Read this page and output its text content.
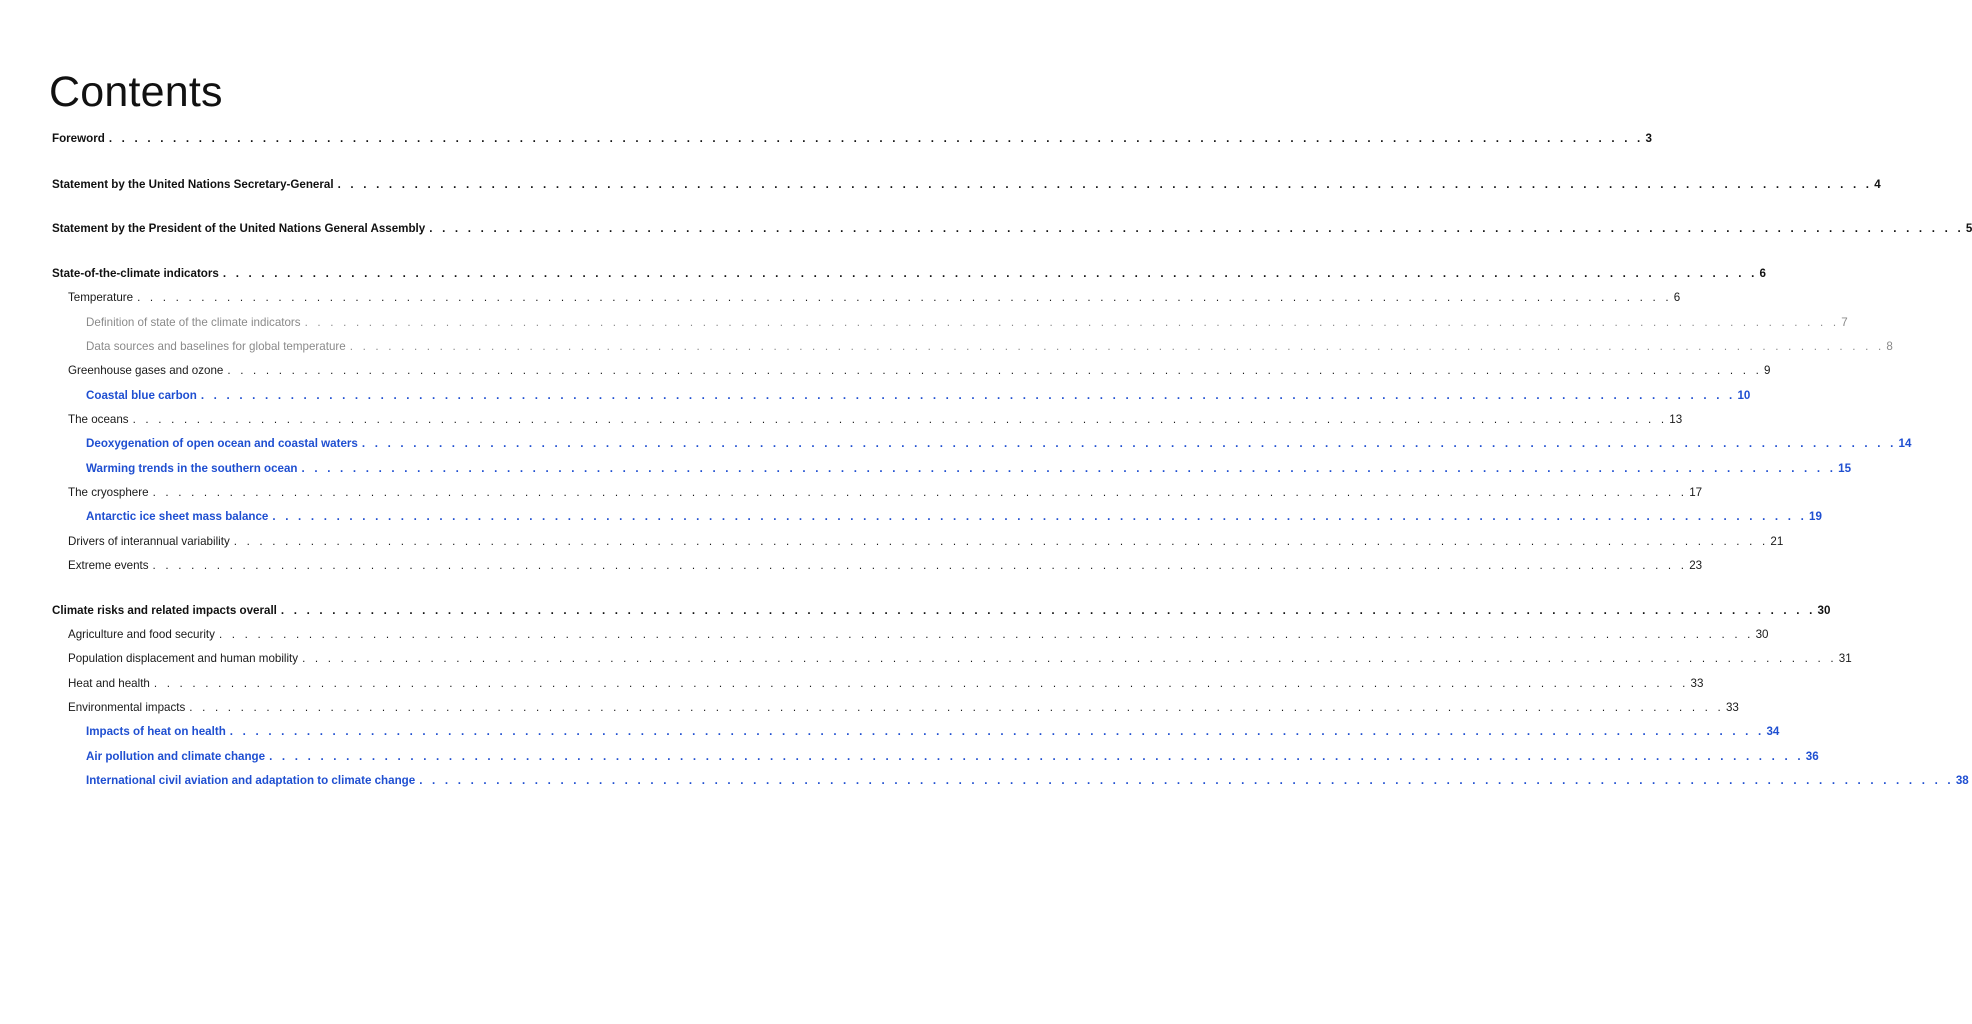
Contents
Foreword . . . . . . . . . . . . . . . . . . . . . . . . . . . . . . . . . . . . . . . . . . . . . . . . . . . . . . . . . . . . . . . . . . . . . . . . . . . . . . . . . . . . . . . . . . . . . . . . . . . . . . . . . . . . . . . . . . . . . . . . 3
Statement by the United Nations Secretary-General . . . . . . . . . . . . . . . . . . . . . . . . . . . . . . . . . . . . . . . . . . . . . . . . . . . . . . . . . . . . . . . . . . . . . . . . . . . . . . . . . . . . . . . . . . . . . . . . . . . . . . . . . . . . . . . . . . . . . . . . 4
Statement by the President of the United Nations General Assembly . . . . . . . . . . . . . . . . . . . . . . . . . . . . . . . . . . . . . . . . . . . . . . . . . . . . . . . . . . . . . . . . . . . . . . . . . . . . . . . . . . . . . . . . . . . . . . . . . . . . . . . . . . . . . . . . . . . . . . . . 5
State-of-the-climate indicators . . . . . . . . . . . . . . . . . . . . . . . . . . . . . . . . . . . . . . . . . . . . . . . . . . . . . . . . . . . . . . . . . . . . . . . . . . . . . . . . . . . . . . . . . . . . . . . . . . . . . . . . . . . . . . . . . . . . . . . . 6
Temperature . . . . . . . . . . . . . . . . . . . . . . . . . . . . . . . . . . . . . . . . . . . . . . . . . . . . . . . . . . . . . . . . . . . . . . . . . . . . . . . . . . . . . . . . . . . . . . . . . . . . . . . . . . . . . . . . . . . . . . . . 6
Definition of state of the climate indicators . . . . . . . . . . . . . . . . . . . . . . . . . . . . . . . . . . . . . . . . . . . . . . . . . . . . . . . . . . . . . . . . . . . . . . . . . . . . . . . . . . . . . . . . . . . . . . . . . . . . . . . . . . . . . . . . . . . . . . . . 7
Data sources and baselines for global temperature . . . . . . . . . . . . . . . . . . . . . . . . . . . . . . . . . . . . . . . . . . . . . . . . . . . . . . . . . . . . . . . . . . . . . . . . . . . . . . . . . . . . . . . . . . . . . . . . . . . . . . . . . . . . . . . . . . . . . . . . 8
Greenhouse gases and ozone . . . . . . . . . . . . . . . . . . . . . . . . . . . . . . . . . . . . . . . . . . . . . . . . . . . . . . . . . . . . . . . . . . . . . . . . . . . . . . . . . . . . . . . . . . . . . . . . . . . . . . . . . . . . . . . . . . . . . . . . 9
Coastal blue carbon . . . . . . . . . . . . . . . . . . . . . . . . . . . . . . . . . . . . . . . . . . . . . . . . . . . . . . . . . . . . . . . . . . . . . . . . . . . . . . . . . . . . . . . . . . . . . . . . . . . . . . . . . . . . . . . . . . . . . . . . 10
The oceans . . . . . . . . . . . . . . . . . . . . . . . . . . . . . . . . . . . . . . . . . . . . . . . . . . . . . . . . . . . . . . . . . . . . . . . . . . . . . . . . . . . . . . . . . . . . . . . . . . . . . . . . . . . . . . . . . . . . . . . . 13
Deoxygenation of open ocean and coastal waters . . . . . . . . . . . . . . . . . . . . . . . . . . . . . . . . . . . . . . . . . . . . . . . . . . . . . . . . . . . . . . . . . . . . . . . . . . . . . . . . . . . . . . . . . . . . . . . . . . . . . . . . . . . . . . . . . . . . . . . . 14
Warming trends in the southern ocean . . . . . . . . . . . . . . . . . . . . . . . . . . . . . . . . . . . . . . . . . . . . . . . . . . . . . . . . . . . . . . . . . . . . . . . . . . . . . . . . . . . . . . . . . . . . . . . . . . . . . . . . . . . . . . . . . . . . . . . . 15
The cryosphere . . . . . . . . . . . . . . . . . . . . . . . . . . . . . . . . . . . . . . . . . . . . . . . . . . . . . . . . . . . . . . . . . . . . . . . . . . . . . . . . . . . . . . . . . . . . . . . . . . . . . . . . . . . . . . . . . . . . . . . . 17
Antarctic ice sheet mass balance . . . . . . . . . . . . . . . . . . . . . . . . . . . . . . . . . . . . . . . . . . . . . . . . . . . . . . . . . . . . . . . . . . . . . . . . . . . . . . . . . . . . . . . . . . . . . . . . . . . . . . . . . . . . . . . . . . . . . . . . 19
Drivers of interannual variability . . . . . . . . . . . . . . . . . . . . . . . . . . . . . . . . . . . . . . . . . . . . . . . . . . . . . . . . . . . . . . . . . . . . . . . . . . . . . . . . . . . . . . . . . . . . . . . . . . . . . . . . . . . . . . . . . . . . . . . . 21
Extreme events . . . . . . . . . . . . . . . . . . . . . . . . . . . . . . . . . . . . . . . . . . . . . . . . . . . . . . . . . . . . . . . . . . . . . . . . . . . . . . . . . . . . . . . . . . . . . . . . . . . . . . . . . . . . . . . . . . . . . . . . 23
Climate risks and related impacts overall . . . . . . . . . . . . . . . . . . . . . . . . . . . . . . . . . . . . . . . . . . . . . . . . . . . . . . . . . . . . . . . . . . . . . . . . . . . . . . . . . . . . . . . . . . . . . . . . . . . . . . . . . . . . . . . . . . . . . . . . 30
Agriculture and food security . . . . . . . . . . . . . . . . . . . . . . . . . . . . . . . . . . . . . . . . . . . . . . . . . . . . . . . . . . . . . . . . . . . . . . . . . . . . . . . . . . . . . . . . . . . . . . . . . . . . . . . . . . . . . . . . . . . . . . . . 30
Population displacement and human mobility . . . . . . . . . . . . . . . . . . . . . . . . . . . . . . . . . . . . . . . . . . . . . . . . . . . . . . . . . . . . . . . . . . . . . . . . . . . . . . . . . . . . . . . . . . . . . . . . . . . . . . . . . . . . . . . . . . . . . . . . 31
Heat and health . . . . . . . . . . . . . . . . . . . . . . . . . . . . . . . . . . . . . . . . . . . . . . . . . . . . . . . . . . . . . . . . . . . . . . . . . . . . . . . . . . . . . . . . . . . . . . . . . . . . . . . . . . . . . . . . . . . . . . . . 33
Environmental impacts . . . . . . . . . . . . . . . . . . . . . . . . . . . . . . . . . . . . . . . . . . . . . . . . . . . . . . . . . . . . . . . . . . . . . . . . . . . . . . . . . . . . . . . . . . . . . . . . . . . . . . . . . . . . . . . . . . . . . . . . 33
Impacts of heat on health . . . . . . . . . . . . . . . . . . . . . . . . . . . . . . . . . . . . . . . . . . . . . . . . . . . . . . . . . . . . . . . . . . . . . . . . . . . . . . . . . . . . . . . . . . . . . . . . . . . . . . . . . . . . . . . . . . . . . . . . 34
Air pollution and climate change . . . . . . . . . . . . . . . . . . . . . . . . . . . . . . . . . . . . . . . . . . . . . . . . . . . . . . . . . . . . . . . . . . . . . . . . . . . . . . . . . . . . . . . . . . . . . . . . . . . . . . . . . . . . . . . . . . . . . . . . 36
International civil aviation and adaptation to climate change . . . . . . . . . . . . . . . . . . . . . . . . . . . . . . . . . . . . . . . . . . . . . . . . . . . . . . . . . . . . . . . . . . . . . . . . . . . . . . . . . . . . . . . . . . . . . . . . . . . . . . . . . . . . . . . . . . . . . . . . 38
